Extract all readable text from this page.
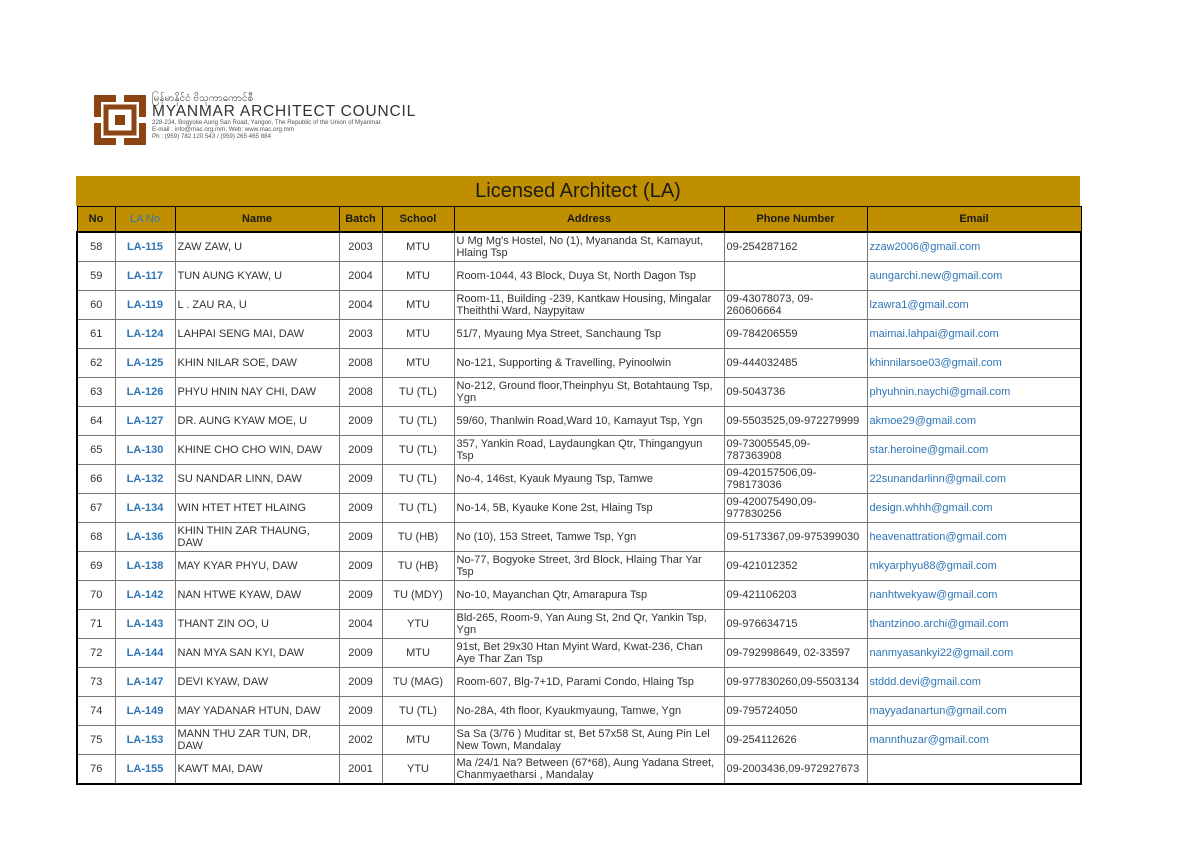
မြန်မာနိုင်ငံ ဗိသုကာကောင်စီ
MYANMAR ARCHITECT COUNCIL
228-234, Bogyoke Aung San Road, Yangon, The Republic of the Union of Myanmar.
E-mail : info@mac.org.mm, Web: www.mac.org.mm
Ph : (959) 782 120 543 / (959) 265 465 884
Licensed Architect (LA)
No	LA No	Name	Batch	School	Address	Phone Number	Email
58	LA-115	ZAW ZAW, U	2003	MTU	U Mg Mg's Hostel, No (1), Myananda St, Kamayut, Hlaing Tsp	09-254287162	zzaw2006@gmail.com
59	LA-117	TUN AUNG KYAW, U	2004	MTU	Room-1044, 43 Block, Duya St, North Dagon Tsp		aungarchi.new@gmail.com
60	LA-119	L . ZAU RA, U	2004	MTU	Room-11, Building -239, Kantkaw Housing, Mingalar Theiththi Ward, Naypyitaw	09-43078073, 09-260606664	lzawra1@gmail.com
61	LA-124	LAHPAI SENG MAI, DAW	2003	MTU	51/7, Myaung Mya Street, Sanchaung Tsp	09-784206559	maimai.lahpai@gmail.com
62	LA-125	KHIN NILAR SOE, DAW	2008	MTU	No-121, Supporting & Travelling, Pyinoolwin	09-444032485	khinnilarsoe03@gmail.com
63	LA-126	PHYU HNIN NAY CHI, DAW	2008	TU (TL)	No-212, Ground floor,Theinphyu St, Botahtaung Tsp, Ygn	09-5043736	phyuhnin.naychi@gmail.com
64	LA-127	DR. AUNG KYAW MOE, U	2009	TU (TL)	59/60, Thanlwin Road,Ward 10, Kamayut Tsp, Ygn	09-5503525,09-972279999	akmoe29@gmail.com
65	LA-130	KHINE CHO CHO WIN, DAW	2009	TU (TL)	357, Yankin Road, Laydaungkan Qtr, Thingangyun Tsp	09-73005545,09-787363908	star.heroine@gmail.com
66	LA-132	SU NANDAR LINN, DAW	2009	TU (TL)	No-4, 146st, Kyauk Myaung Tsp, Tamwe	09-420157506,09-798173036	22sunandarlinn@gmail.com
67	LA-134	WIN HTET HTET HLAING	2009	TU (TL)	No-14, 5B, Kyauke Kone 2st, Hlaing Tsp	09-420075490,09-977830256	design.whhh@gmail.com
68	LA-136	KHIN THIN ZAR THAUNG, DAW	2009	TU (HB)	No (10), 153 Street, Tamwe Tsp, Ygn	09-5173367,09-975399030	heavenattration@gmail.com
69	LA-138	MAY KYAR PHYU, DAW	2009	TU (HB)	No-77, Bogyoke Street, 3rd Block, Hlaing Thar Yar Tsp	09-421012352	mkyarphyu88@gmail.com
70	LA-142	NAN HTWE KYAW, DAW	2009	TU (MDY)	No-10, Mayanchan Qtr, Amarapura Tsp	09-421106203	nanhtwekyaw@gmail.com
71	LA-143	THANT ZIN OO, U	2004	YTU	Bld-265, Room-9, Yan Aung St, 2nd Qr, Yankin Tsp, Ygn	09-976634715	thantzinoo.archi@gmail.com
72	LA-144	NAN MYA SAN KYI, DAW	2009	MTU	91st, Bet 29x30 Htan Myint Ward, Kwat-236, Chan Aye Thar Zan Tsp	09-792998649, 02-33597	nanmyasankyi22@gmail.com
73	LA-147	DEVI KYAW, DAW	2009	TU (MAG)	Room-607, Blg-7+1D, Parami Condo, Hlaing Tsp	09-977830260,09-5503134	stddd.devi@gmail.com
74	LA-149	MAY YADANAR HTUN, DAW	2009	TU (TL)	No-28A, 4th floor, Kyaukmyaung, Tamwe, Ygn	09-795724050	mayyadanartun@gmail.com
75	LA-153	MANN THU ZAR TUN, DR, DAW	2002	MTU	Sa Sa (3/76 ) Muditar st, Bet 57x58 St, Aung Pin Lel New Town, Mandalay	09-254112626	mannthuzar@gmail.com
76	LA-155	KAWT MAI, DAW	2001	YTU	Ma /24/1 Na? Between (67*68), Aung Yadana Street, Chanmyaetharsi , Mandalay	09-2003436,09-972927673	
